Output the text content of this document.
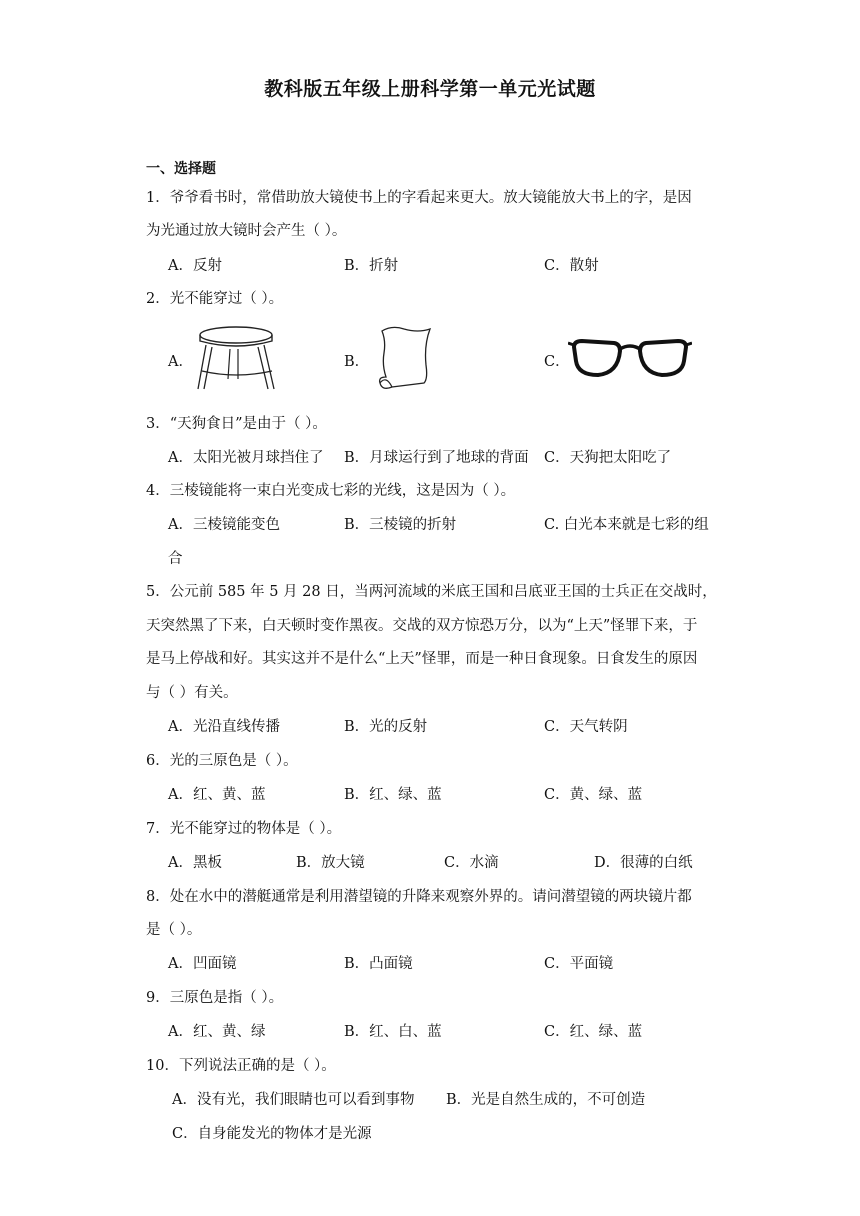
教科版五年级上册科学第一单元光试题
一、选择题
1．爷爷看书时，常借助放大镜使书上的字看起来更大。放大镜能放大书上的字，是因
为光通过放大镜时会产生（ ）。
A．反射	B．折射	C．散射
2．光不能穿过（ ）。
A．	B．	C．
3．“天狗食日”是由于（ ）。
A．太阳光被月球挡住了 B．月球运行到了地球的背面 C．天狗把太阳吃了
4．三棱镜能将一束白光变成七彩的光线，这是因为（ ）。
A．三棱镜能变色	B．三棱镜的折射	C. 白光本来就是七彩的组
合
5．公元前 585 年 5 月 28 日，当两河流域的米底王国和吕底亚王国的士兵正在交战时，
天突然黑了下来，白天顿时变作黑夜。交战的双方惊恐万分，以为“上天”怪罪下来，于
是马上停战和好。其实这并不是什么“上天”怪罪，而是一种日食现象。日食发生的原因
与（ ）有关。
A．光沿直线传播	B．光的反射	C．天气转阴
6．光的三原色是（ ）。
A．红、黄、蓝	B．红、绿、蓝	C．黄、绿、蓝
7．光不能穿过的物体是（ ）。
A．黑板	B．放大镜	C．水滴	D．很薄的白纸
8．处在水中的潜艇通常是利用潜望镜的升降来观察外界的。请问潜望镜的两块镜片都
是（ ）。
A．凹面镜	B．凸面镜	C．平面镜
9．三原色是指（ ）。
A．红、黄、绿	B．红、白、蓝	C．红、绿、蓝
10．下列说法正确的是（ ）。
A．没有光，我们眼睛也可以看到事物 B．光是自然生成的，不可创造
C．自身能发光的物体才是光源
